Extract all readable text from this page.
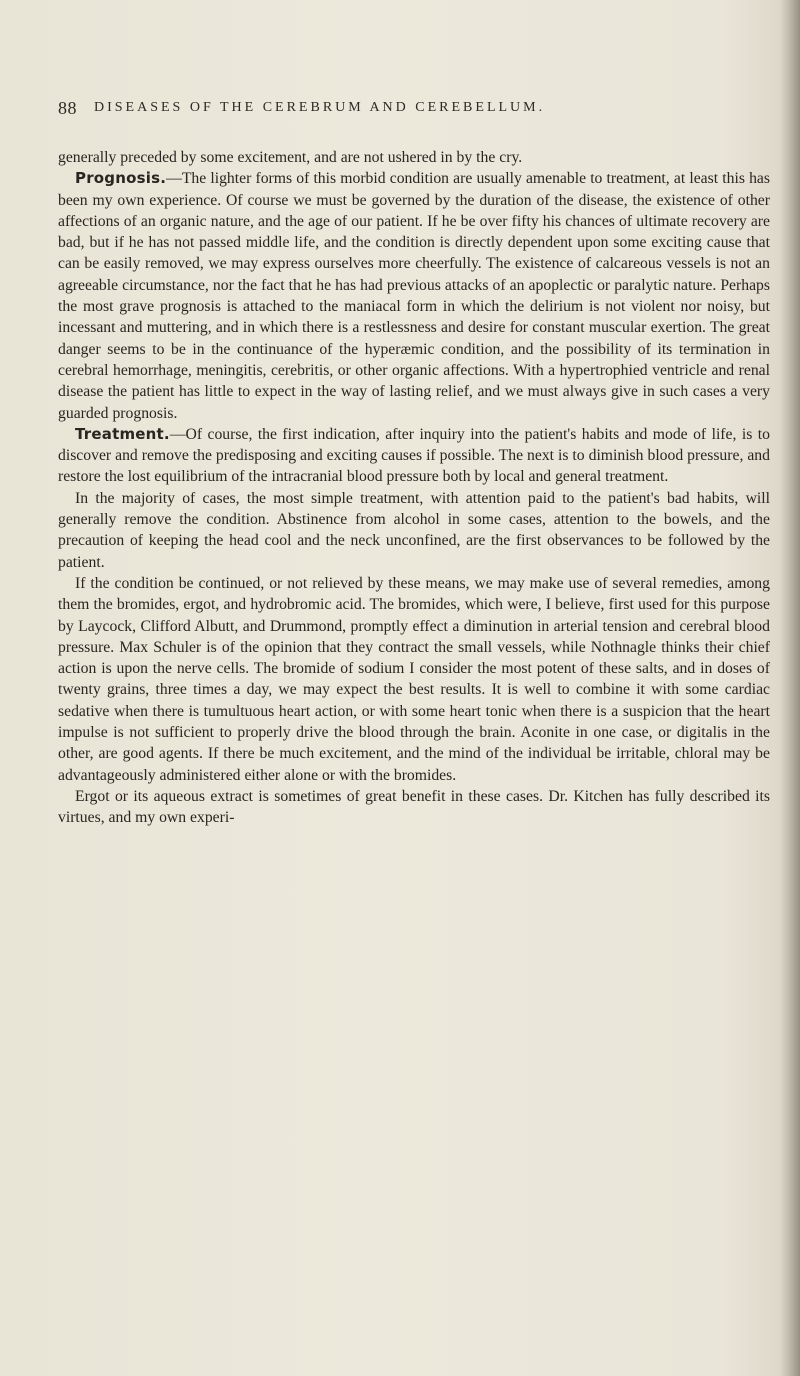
88 DISEASES OF THE CEREBRUM AND CEREBELLUM.

generally preceded by some excitement, and are not ushered in by the cry.

Prognosis.—The lighter forms of this morbid condition are usually amenable to treatment, at least this has been my own experience. Of course we must be governed by the duration of the disease, the existence of other affections of an organic nature, and the age of our patient. If he be over fifty his chances of ultimate recovery are bad, but if he has not passed middle life, and the condition is directly dependent upon some exciting cause that can be easily removed, we may express ourselves more cheerfully. The existence of calcareous vessels is not an agreeable circumstance, nor the fact that he has had previous attacks of an apoplectic or paralytic nature. Perhaps the most grave prognosis is attached to the maniacal form in which the delirium is not violent nor noisy, but incessant and muttering, and in which there is a restlessness and desire for constant muscular exertion. The great danger seems to be in the continuance of the hyperæmic condition, and the possibility of its termination in cerebral hemorrhage, meningitis, cerebritis, or other organic affections. With a hypertrophied ventricle and renal disease the patient has little to expect in the way of lasting relief, and we must always give in such cases a very guarded prognosis.

Treatment.—Of course, the first indication, after inquiry into the patient's habits and mode of life, is to discover and remove the predisposing and exciting causes if possible. The next is to diminish blood pressure, and restore the lost equilibrium of the intracranial blood pressure both by local and general treatment.

In the majority of cases, the most simple treatment, with attention paid to the patient's bad habits, will generally remove the condition. Abstinence from alcohol in some cases, attention to the bowels, and the precaution of keeping the head cool and the neck unconfined, are the first observances to be followed by the patient.

If the condition be continued, or not relieved by these means, we may make use of several remedies, among them the bromides, ergot, and hydrobromic acid. The bromides, which were, I believe, first used for this purpose by Laycock, Clifford Albutt, and Drummond, promptly effect a diminution in arterial tension and cerebral blood pressure. Max Schuler is of the opinion that they contract the small vessels, while Nothnagle thinks their chief action is upon the nerve cells. The bromide of sodium I consider the most potent of these salts, and in doses of twenty grains, three times a day, we may expect the best results. It is well to combine it with some cardiac sedative when there is tumultuous heart action, or with some heart tonic when there is a suspicion that the heart impulse is not sufficient to properly drive the blood through the brain. Aconite in one case, or digitalis in the other, are good agents. If there be much excitement, and the mind of the individual be irritable, chloral may be advantageously administered either alone or with the bromides.

Ergot or its aqueous extract is sometimes of great benefit in these cases. Dr. Kitchen has fully described its virtues, and my own experi-
